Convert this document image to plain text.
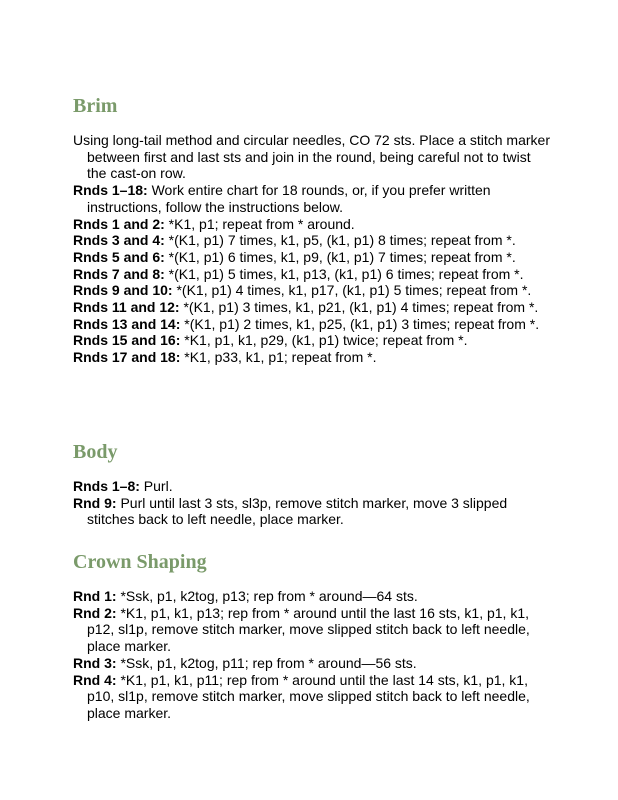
Brim

Using long-tail method and circular needles, CO 72 sts. Place a stitch marker between first and last sts and join in the round, being careful not to twist the cast-on row.

Rnds 1–18: Work entire chart for 18 rounds, or, if you prefer written instructions, follow the instructions below.

Rnds 1 and 2: *K1, p1; repeat from * around.

Rnds 3 and 4: *(K1, p1) 7 times, k1, p5, (k1, p1) 8 times; repeat from *.

Rnds 5 and 6: *(K1, p1) 6 times, k1, p9, (k1, p1) 7 times; repeat from *.

Rnds 7 and 8: *(K1, p1) 5 times, k1, p13, (k1, p1) 6 times; repeat from *.

Rnds 9 and 10: *(K1, p1) 4 times, k1, p17, (k1, p1) 5 times; repeat from *.

Rnds 11 and 12: *(K1, p1) 3 times, k1, p21, (k1, p1) 4 times; repeat from *.

Rnds 13 and 14: *(K1, p1) 2 times, k1, p25, (k1, p1) 3 times; repeat from *.

Rnds 15 and 16: *K1, p1, k1, p29, (k1, p1) twice; repeat from *.

Rnds 17 and 18: *K1, p33, k1, p1; repeat from *.

Body

Rnds 1–8: Purl.

Rnd 9: Purl until last 3 sts, sl3p, remove stitch marker, move 3 slipped stitches back to left needle, place marker.

Crown Shaping

Rnd 1: *Ssk, p1, k2tog, p13; rep from * around—64 sts.

Rnd 2: *K1, p1, k1, p13; rep from * around until the last 16 sts, k1, p1, k1, p12, sl1p, remove stitch marker, move slipped stitch back to left needle, place marker.

Rnd 3: *Ssk, p1, k2tog, p11; rep from * around—56 sts.

Rnd 4: *K1, p1, k1, p11; rep from * around until the last 14 sts, k1, p1, k1, p10, sl1p, remove stitch marker, move slipped stitch back to left needle, place marker.
